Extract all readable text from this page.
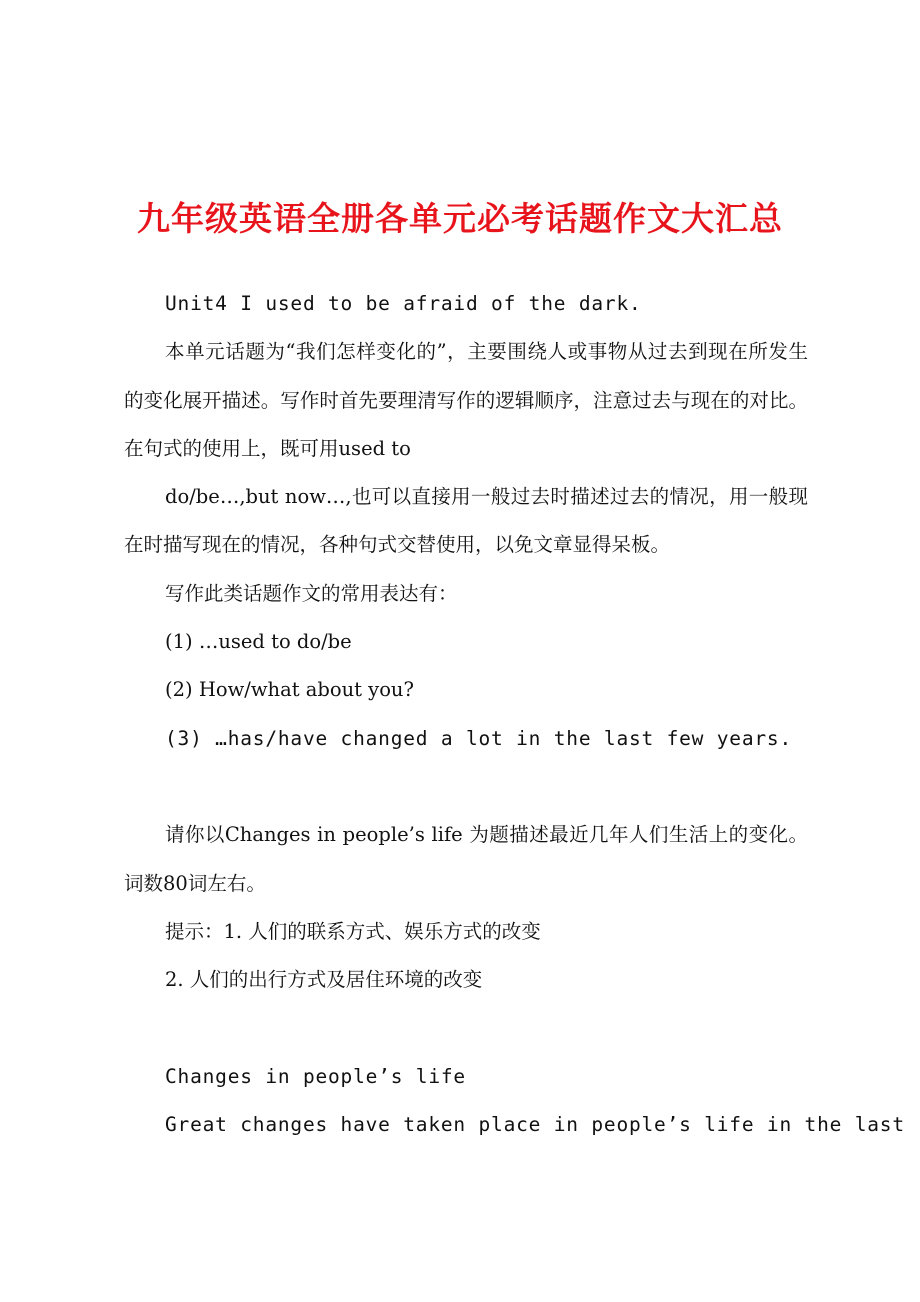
九年级英语全册各单元必考话题作文大汇总

Unit4 I used to be afraid of the dark.

本单元话题为“我们怎样变化的”，主要围绕人或事物从过去到现在所发生的变化展开描述。写作时首先要理清写作的逻辑顺序，注意过去与现在的对比。在句式的使用上，既可用used to

do/be…,but now…,也可以直接用一般过去时描述过去的情况，用一般现在时描写现在的情况，各种句式交替使用，以免文章显得呆板。

写作此类话题作文的常用表达有：

(1) …used to do/be

(2) How/what about you?

(3) …has/have changed a lot in the last few years.

请你以Changes in people’s life 为题描述最近几年人们生活上的变化。词数80词左右。

提示：1. 人们的联系方式、娱乐方式的改变

2. 人们的出行方式及居住环境的改变

Changes in people’s life

Great changes have taken place in people’s life in the last
